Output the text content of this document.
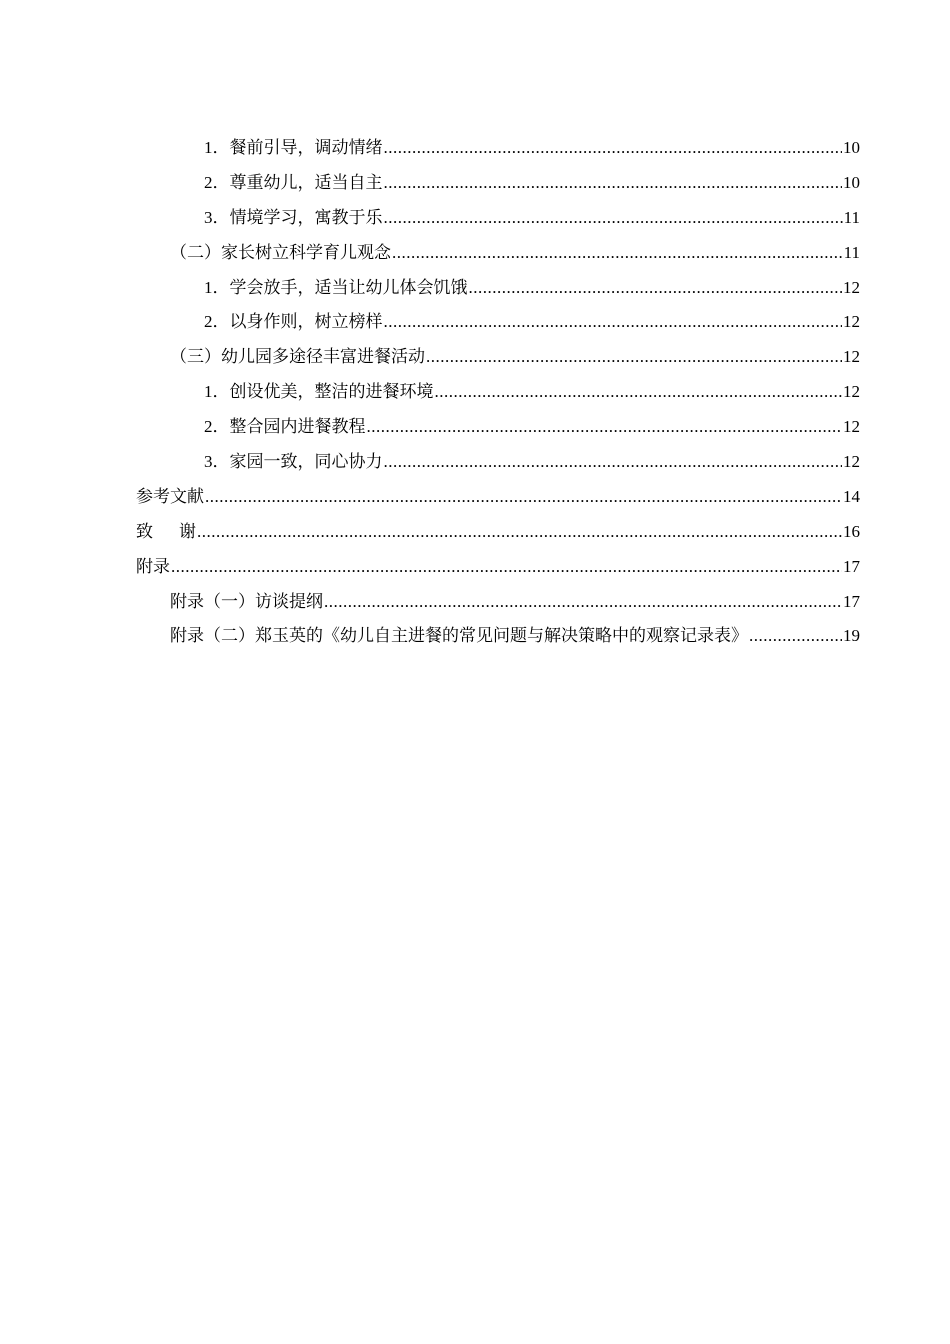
1．餐前引导，调动情绪 .....	10
2．尊重幼儿，适当自主 .....	10
3．情境学习，寓教于乐 .....	11
（二）家长树立科学育儿观念 .....	11
1．学会放手，适当让幼儿体会饥饿 .....	12
2．以身作则，树立榜样 .....	12
（三）幼儿园多途径丰富进餐活动 .....	12
1．创设优美，整洁的进餐环境 .....	12
2．整合园内进餐教程 .....	12
3．家园一致，同心协力 .....	12
参考文献 .....	14
致 谢 .....	16
附录 .....	17
附录（一）访谈提纲 .....	17
附录（二）郑玉英的《幼儿自主进餐的常见问题与解决策略中的观察记录表》 .....	19
